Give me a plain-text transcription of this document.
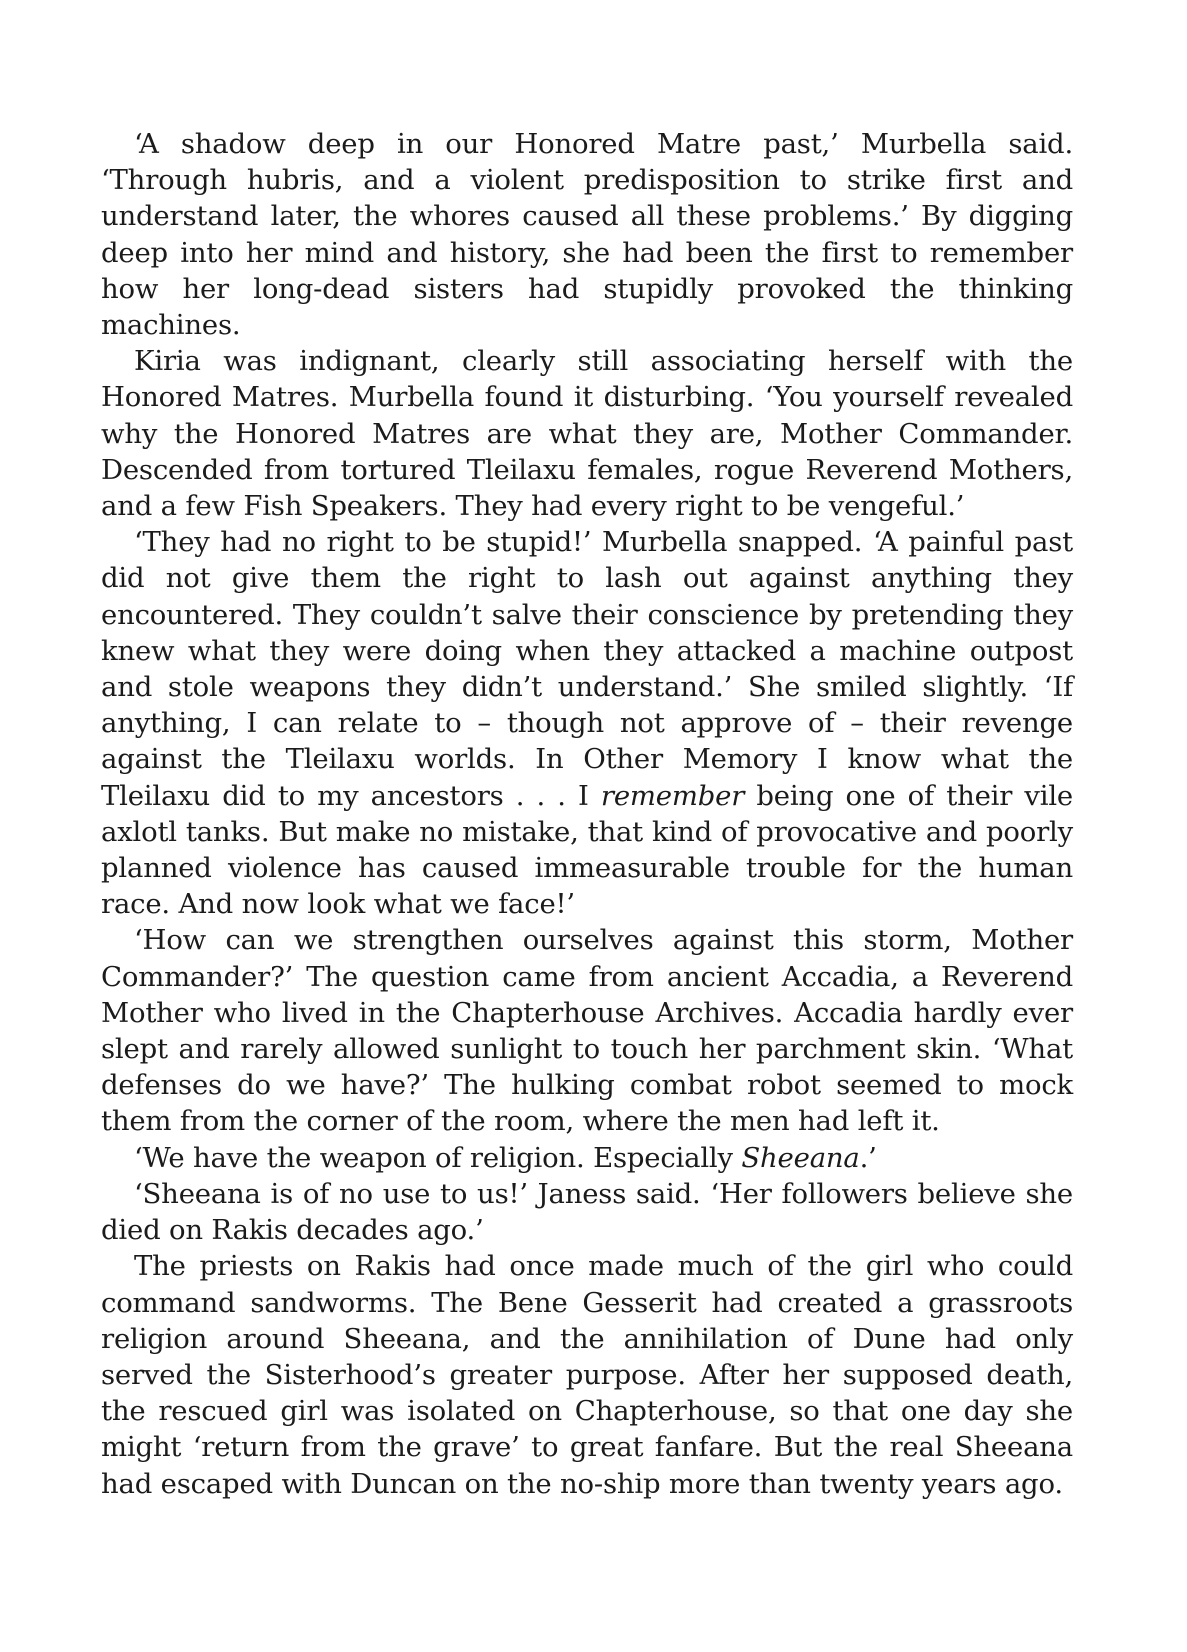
‘A shadow deep in our Honored Matre past,’ Murbella said. ‘Through hubris, and a violent predisposition to strike first and understand later, the whores caused all these problems.’ By digging deep into her mind and history, she had been the first to remember how her long-dead sisters had stupidly provoked the thinking machines.

Kiria was indignant, clearly still associating herself with the Honored Matres. Murbella found it disturbing. ‘You yourself revealed why the Honored Matres are what they are, Mother Commander. Descended from tortured Tleilaxu females, rogue Reverend Mothers, and a few Fish Speakers. They had every right to be vengeful.’

‘They had no right to be stupid!’ Murbella snapped. ‘A painful past did not give them the right to lash out against anything they encountered. They couldn’t salve their conscience by pretending they knew what they were doing when they attacked a machine outpost and stole weapons they didn’t understand.’ She smiled slightly. ‘If anything, I can relate to – though not approve of – their revenge against the Tleilaxu worlds. In Other Memory I know what the Tleilaxu did to my ancestors . . . I remember being one of their vile axlotl tanks. But make no mistake, that kind of provocative and poorly planned violence has caused immeasurable trouble for the human race. And now look what we face!’

‘How can we strengthen ourselves against this storm, Mother Commander?’ The question came from ancient Accadia, a Reverend Mother who lived in the Chapterhouse Archives. Accadia hardly ever slept and rarely allowed sunlight to touch her parchment skin. ‘What defenses do we have?’ The hulking combat robot seemed to mock them from the corner of the room, where the men had left it.

‘We have the weapon of religion. Especially Sheeana.’

‘Sheeana is of no use to us!’ Janess said. ‘Her followers believe she died on Rakis decades ago.’

The priests on Rakis had once made much of the girl who could command sandworms. The Bene Gesserit had created a grassroots religion around Sheeana, and the annihilation of Dune had only served the Sisterhood’s greater purpose. After her supposed death, the rescued girl was isolated on Chapterhouse, so that one day she might ‘return from the grave’ to great fanfare. But the real Sheeana had escaped with Duncan on the no-ship more than twenty years ago.
